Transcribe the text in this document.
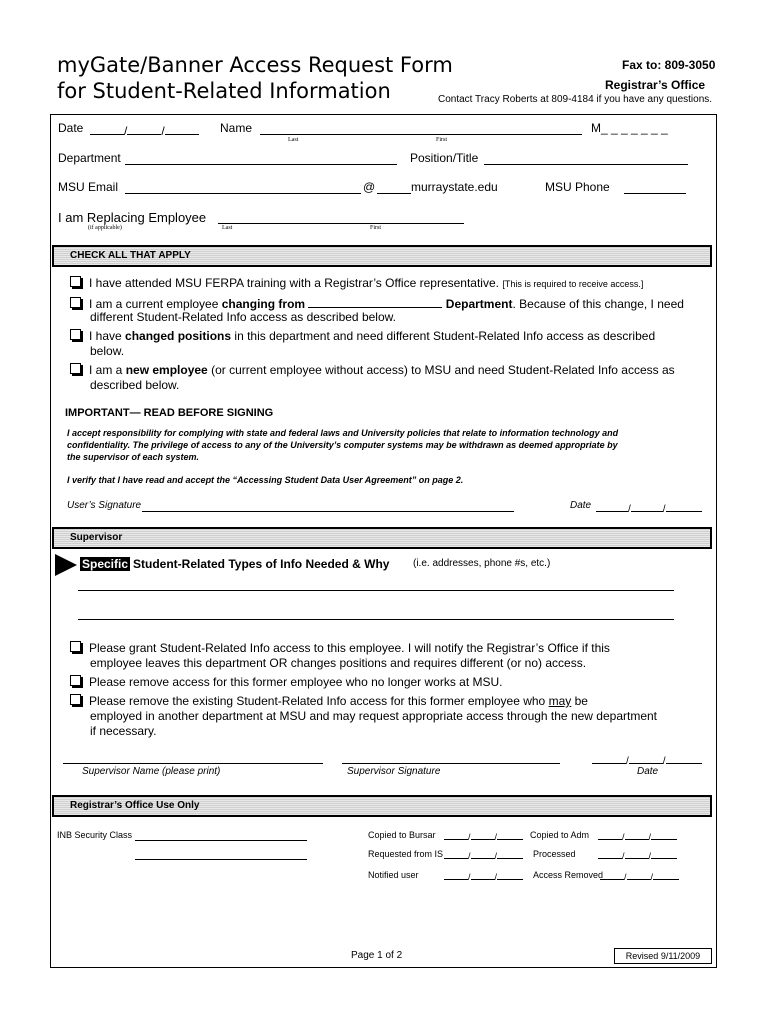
myGate/Banner Access Request Form
for Student-Related Information
Fax to: 809-3050
Registrar’s Office
Contact Tracy Roberts at 809-4184 if you have any questions.
Date	/	/	Name
Last	First
M_ _ _ _ _ _ _
Department	Position/Title
MSU Email	@	murraystate.edu	MSU Phone
I am Replacing Employee
(if applicable)	Last	First
CHECK ALL THAT APPLY
I have attended MSU FERPA training with a Registrar’s Office representative. [This is required to receive access.]
I am a current employee changing from	Department. Because of this change, I need
different Student-Related Info access as described below.
I have changed positions in this department and need different Student-Related Info access as described
below.
I am a new employee (or current employee without access) to MSU and need Student-Related Info access as
described below.
IMPORTANT— READ BEFORE SIGNING
I accept responsibility for complying with state and federal laws and University policies that relate to information technology and
confidentiality. The privilege of access to any of the University’s computer systems may be withdrawn as deemed appropriate by
the supervisor of each system.
I verify that I have read and accept the “Accessing Student Data User Agreement” on page 2.
User’s Signature	Date	/	/
Supervisor
Specific Student-Related Types of Info Needed & Why (i.e. addresses, phone #s, etc.)
Please grant Student-Related Info access to this employee. I will notify the Registrar’s Office if this
employee leaves this department OR changes positions and requires different (or no) access.
Please remove access for this former employee who no longer works at MSU.
Please remove the existing Student-Related Info access for this former employee who may be
employed in another department at MSU and may request appropriate access through the new department
if necessary.
/	/
Supervisor Name (please print)	Supervisor Signature	Date
Registrar’s Office Use Only
INB Security Class	Copied to Bursar	/	/	Copied to Adm	/	/
Requested from IS	/	/	Processed	/	/
Notified user	/	/	Access Removed	/	/
Page 1 of 2	Revised 9/11/2009
